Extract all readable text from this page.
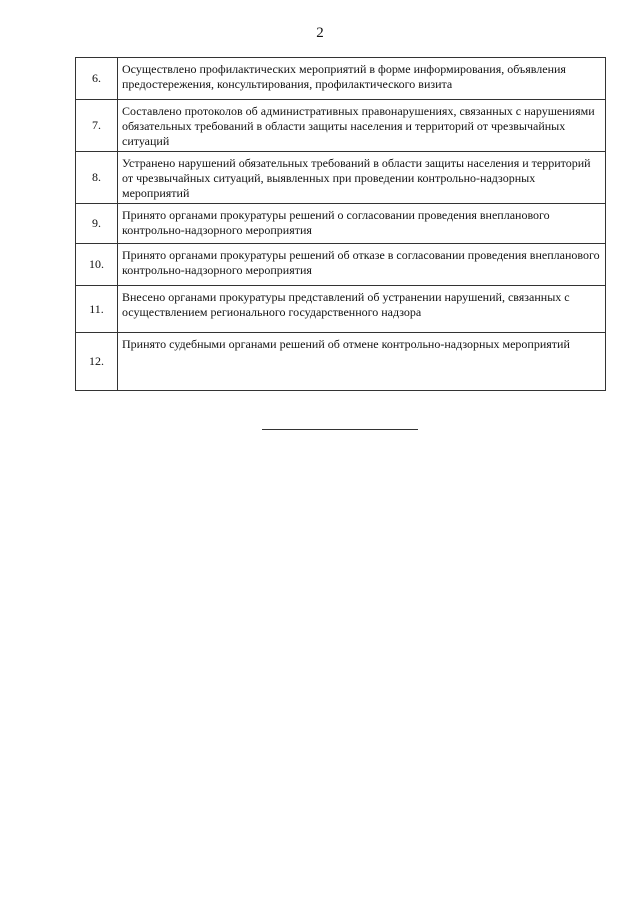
2
6.	Осуществлено профилактических мероприятий в форме информирования, объявления предостережения, консультирования, профилактического визита
7.	Составлено протоколов об административных правонарушениях, связанных с нарушениями обязательных требований в области защиты населения и территорий от чрезвычайных ситуаций
8.	Устранено нарушений обязательных требований в области защиты населения и территорий от чрезвычайных ситуаций, выявленных при проведении контрольно-надзорных мероприятий
9.	Принято органами прокуратуры решений о согласовании проведения внепланового контрольно-надзорного мероприятия
10.	Принято органами прокуратуры решений об отказе в согласовании проведения внепланового контрольно-надзорного мероприятия
11.	Внесено органами прокуратуры представлений об устранении нарушений, связанных с осуществлением регионального государственного надзора
12.	Принято судебными органами решений об отмене контрольно-надзорных мероприятий
